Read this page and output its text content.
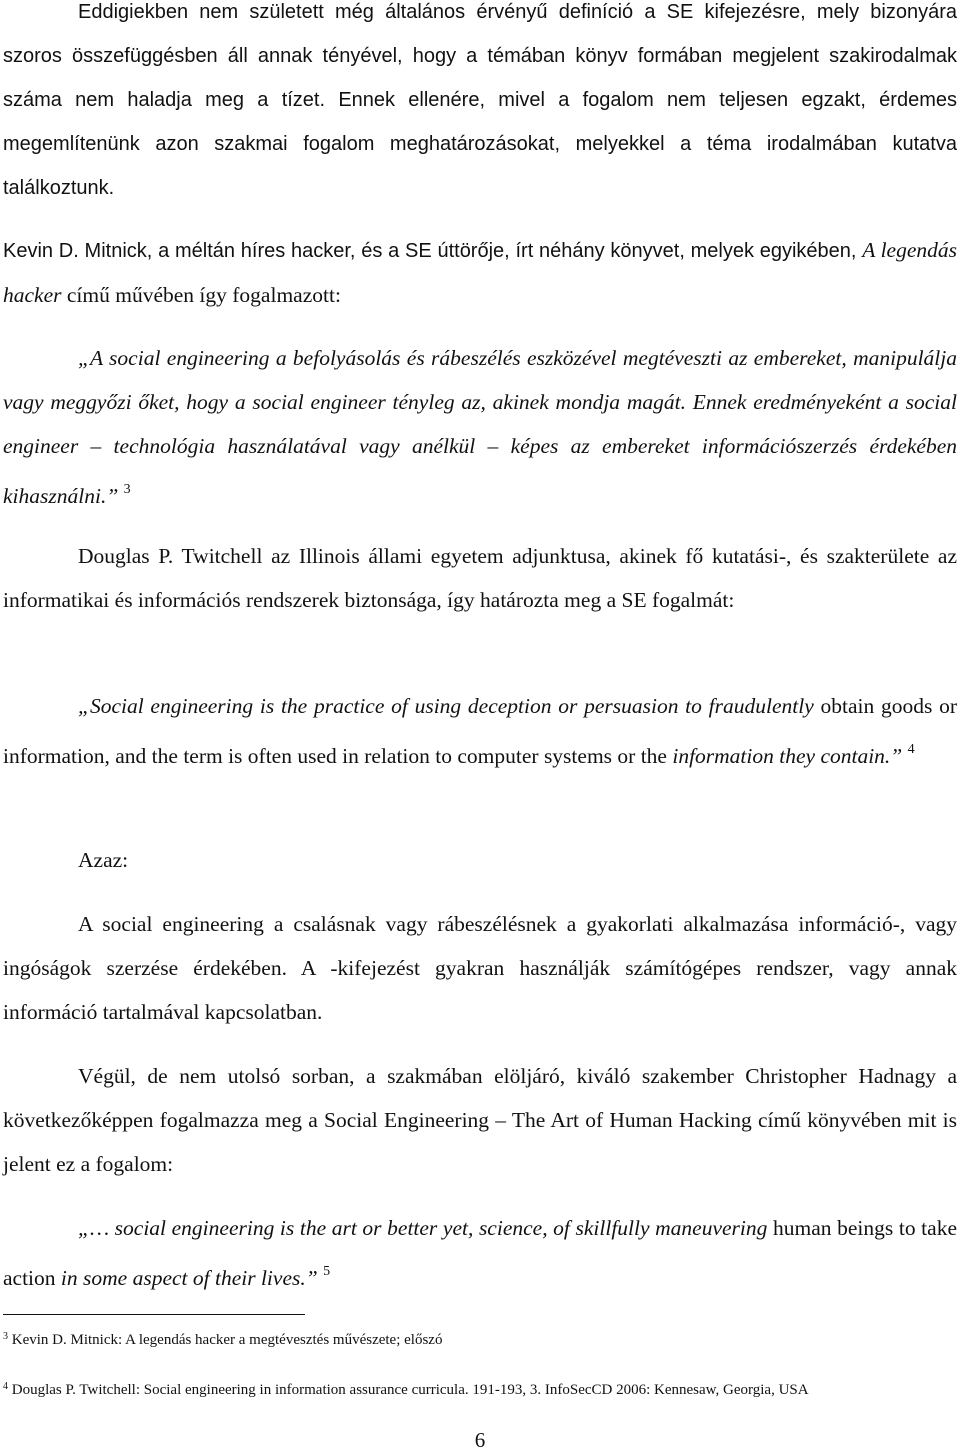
Eddigiekben nem született még általános érvényű definíció a SE kifejezésre, mely bizonyára szoros összefüggésben áll annak tényével, hogy a témában könyv formában megjelent szakirodalmak száma nem haladja meg a tízet. Ennek ellenére, mivel a fogalom nem teljesen egzakt, érdemes megemlítenünk azon szakmai fogalom meghatározásokat, melyekkel a téma irodalmában kutatva találkoztunk.

Kevin D. Mitnick, a méltán híres hacker, és a SE úttörője, írt néhány könyvet, melyek egyikében, A legendás hacker című művében így fogalmazott:

„A social engineering a befolyásolás és rábeszélés eszközével megtéveszti az embereket, manipulálja vagy meggyőzi őket, hogy a social engineer tényleg az, akinek mondja magát. Ennek eredményeként a social engineer – technológia használatával vagy anélkül – képes az embereket információszerzés érdekében kihasználni.” $^3$

Douglas P. Twitchell az Illinois állami egyetem adjunktusa, akinek fő kutatási-, és szakterülete az informatikai és információs rendszerek biztonsága, így határozta meg a SE fogalmát:

„Social engineering is the practice of using deception or persuasion to fraudulently obtain goods or information, and the term is often used in relation to computer systems or the information they contain.” $^4$

Azaz:

A social engineering a csalásnak vagy rábeszélésnek a gyakorlati alkalmazása információ-, vagy ingóságok szerzése érdekében. A -kifejezést gyakran használják számítógépes rendszer, vagy annak információ tartalmával kapcsolatban.

Végül, de nem utolsó sorban, a szakmában elöljáró, kiváló szakember Christopher Hadnagy a következőképpen fogalmazza meg a Social Engineering – The Art of Human Hacking című könyvében mit is jelent ez a fogalom:

„… social engineering is the art or better yet, science, of skillfully maneuvering human beings to take action in some aspect of their lives.” $^5$

$^3$ Kevin D. Mitnick: A legendás hacker a megtévesztés művészete; előszó
$^4$ Douglas P. Twitchell: Social engineering in information assurance curricula. 191-193, 3. InfoSecCD 2006: Kennesaw, Georgia, USA
6
